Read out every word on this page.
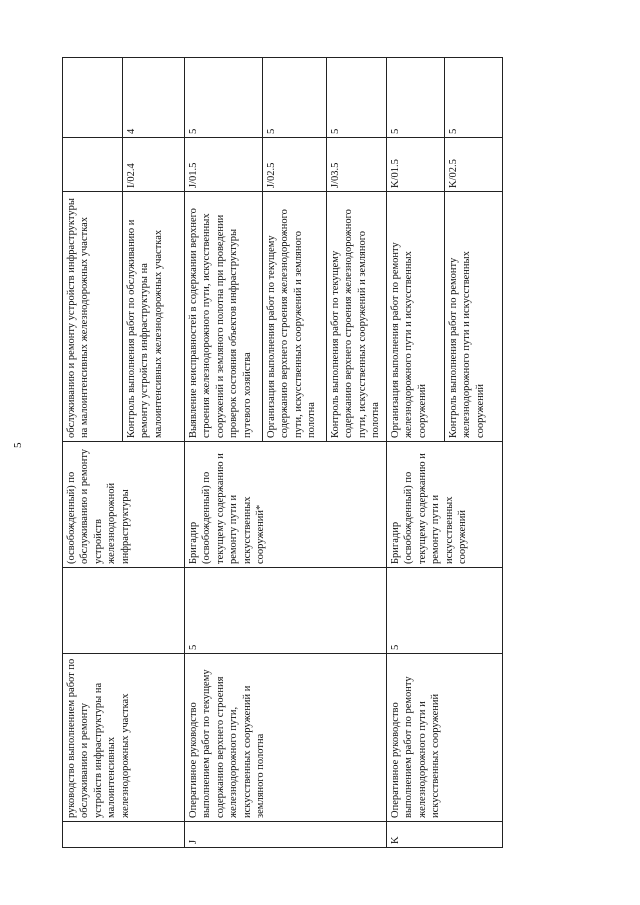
5
	руководство выполнением работ по обслуживанию и ремонту устройств инфраструктуры на малоинтенсивных железнодорожных участках		(освобожденный) по обслуживанию и ремонту устройств железнодорожной инфраструктуры	обслуживанию и ремонту устройств инфраструктуры на малоинтенсивных железнодорожных участках		
				Контроль выполнения работ по обслуживанию и ремонту устройств инфраструктуры на малоинтенсивных железнодорожных участках	I/02.4	4
J	Оперативное руководство выполнением работ по текущему содержанию верхнего строения железнодорожного пути, искусственных сооружений и земляного полотна	5	Бригадир (освобожденный) по текущему содержанию и ремонту пути и искусственных сооружений*	Выявление неисправностей в содержании верхнего строения железнодорожного пути, искусственных сооружений и земляного полотна при проведении проверок состояния объектов инфраструктуры путевого хозяйства	J/01.5	5
				Организация выполнения работ по текущему содержанию верхнего строения железнодорожного пути, искусственных сооружений и земляного полотна	J/02.5	5
				Контроль выполнения работ по текущему содержанию верхнего строения железнодорожного пути, искусственных сооружений и земляного полотна	J/03.5	5
K	Оперативное руководство выполнением работ по ремонту железнодорожного пути и искусственных сооружений	5	Бригадир (освобожденный) по текущему содержанию и ремонту пути и искусственных сооружений	Организация выполнения работ по ремонту железнодорожного пути и искусственных сооружений	K/01.5	5
				Контроль выполнения работ по ремонту железнодорожного пути и искусственных сооружений	K/02.5	5
